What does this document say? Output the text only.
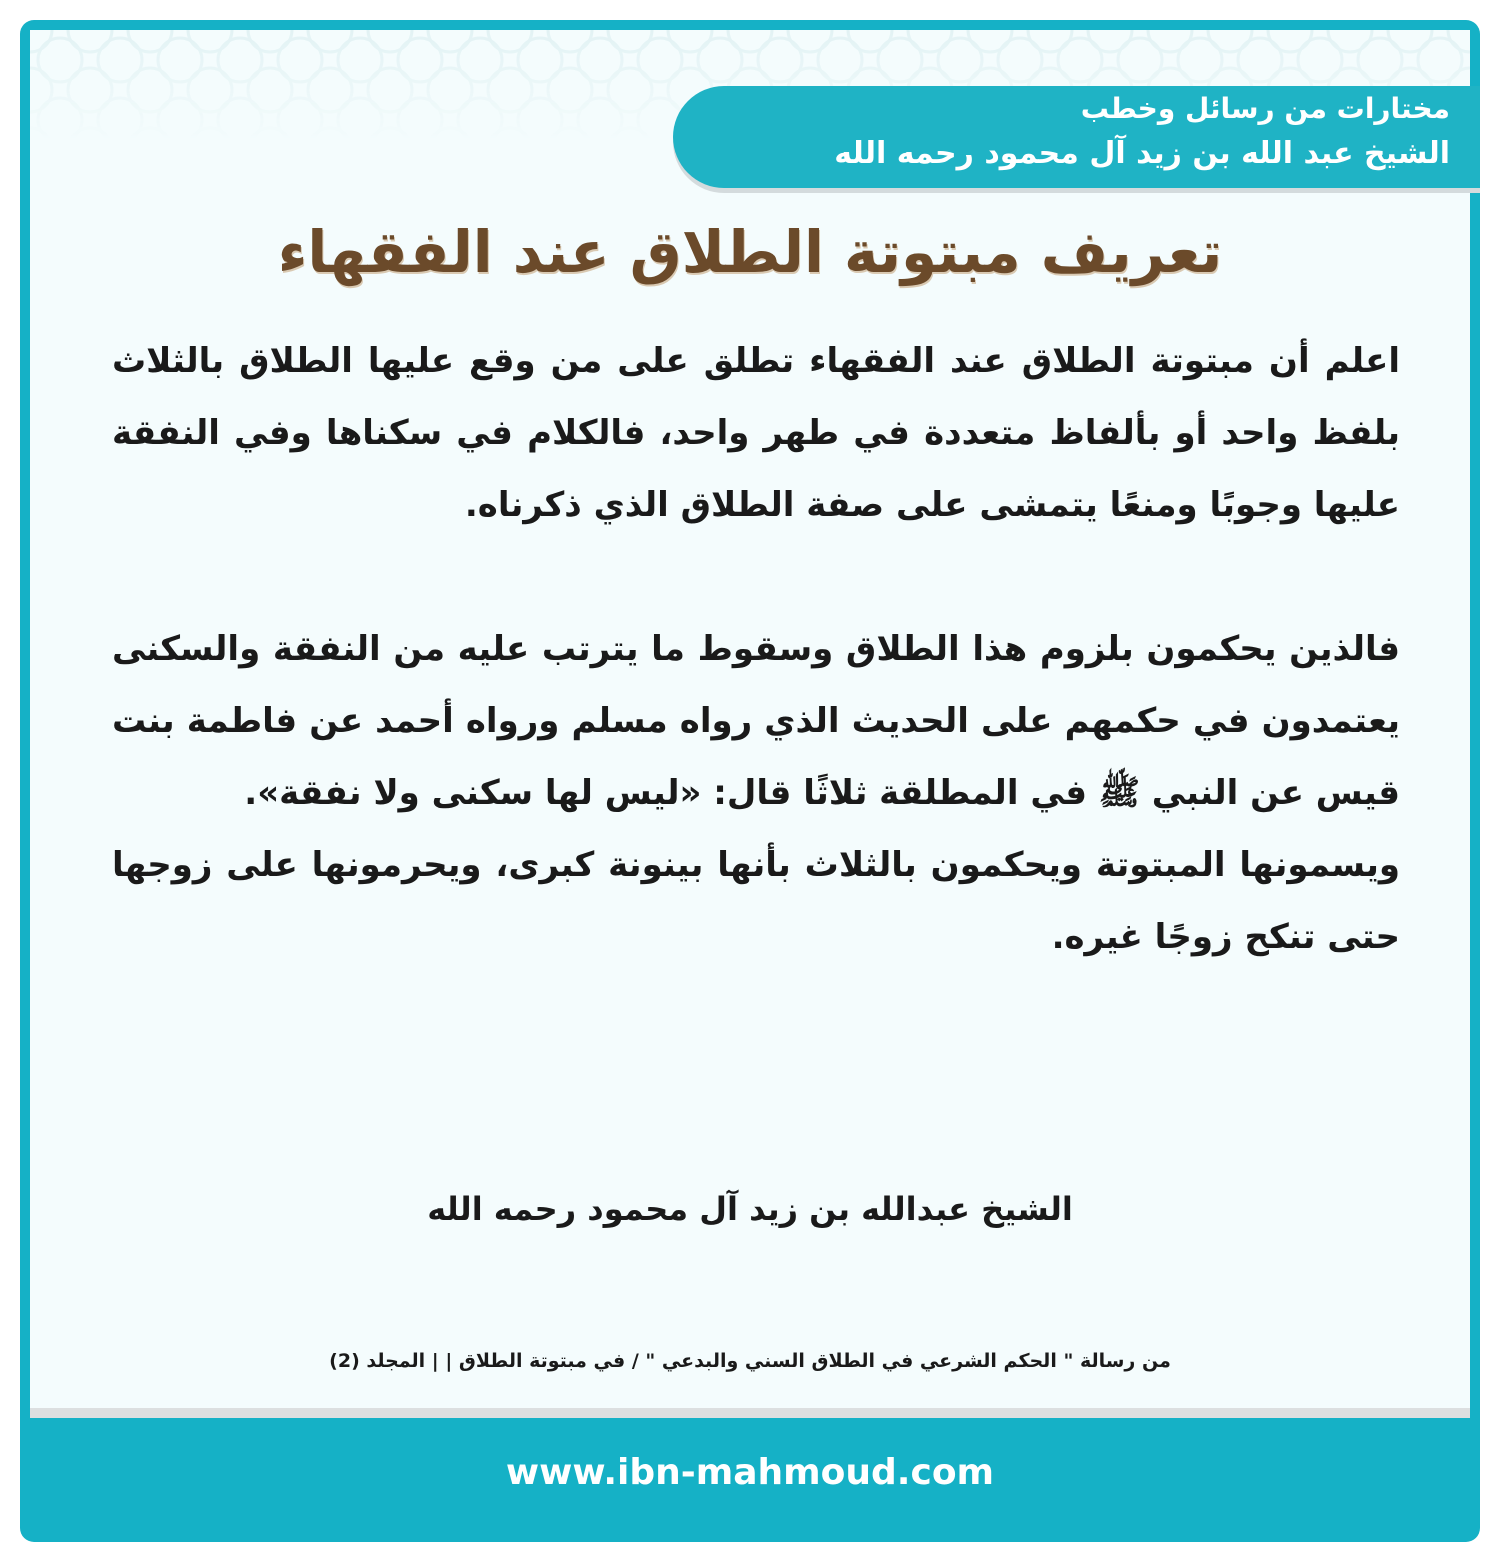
مختارات من رسائل وخطب
الشيخ عبد الله بن زيد آل محمود رحمه الله
تعريف مبتوتة الطلاق عند الفقهاء

اعلم أن مبتوتة الطلاق عند الفقهاء تطلق على من وقع عليها الطلاق بالثلاث بلفظ واحد أو بألفاظ متعددة في طهر واحد، فالكلام في سكناها وفي النفقة عليها وجوبًا ومنعًا يتمشى على صفة الطلاق الذي ذكرناه.

فالذين يحكمون بلزوم هذا الطلاق وسقوط ما يترتب عليه من النفقة والسكنى يعتمدون في حكمهم على الحديث الذي رواه مسلم ورواه أحمد عن فاطمة بنت قيس عن النبي ﷺ في المطلقة ثلاثًا قال: «ليس لها سكنى ولا نفقة».

ويسمونها المبتوتة ويحكمون بالثلاث بأنها بينونة كبرى، ويحرمونها على زوجها حتى تنكح زوجًا غيره.

الشيخ عبدالله بن زيد آل محمود رحمه الله
من رسالة " الحكم الشرعي في الطلاق السني والبدعي " / في مبتوتة الطلاق | | المجلد (2)
www.ibn-mahmoud.com
